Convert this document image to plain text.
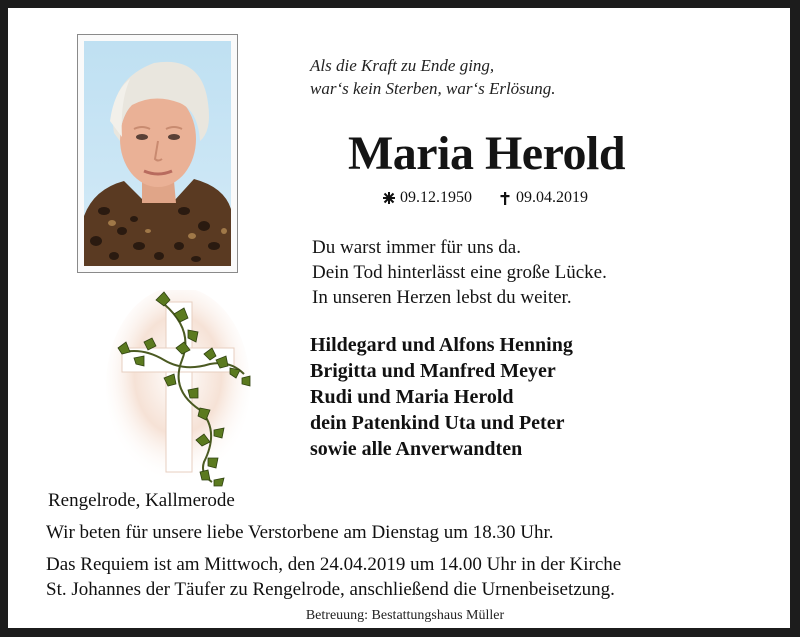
Als die Kraft zu Ende ging,
war‘s kein Sterben, war‘s Erlösung.
Maria Herold
09.12.1950	09.04.2019
Du warst immer für uns da.
Dein Tod hinterlässt eine große Lücke.
In unseren Herzen lebst du weiter.
Hildegard und Alfons Henning
Brigitta und Manfred Meyer
Rudi und Maria Herold
dein Patenkind Uta und Peter
sowie alle Anverwandten
Rengelrode, Kallmerode
Wir beten für unsere liebe Verstorbene am Dienstag um 18.30 Uhr.
Das Requiem ist am Mittwoch, den 24.04.2019 um 14.00 Uhr in der Kirche
St. Johannes der Täufer zu Rengelrode, anschließend die Urnenbeisetzung.
Betreuung: Bestattungshaus Müller
